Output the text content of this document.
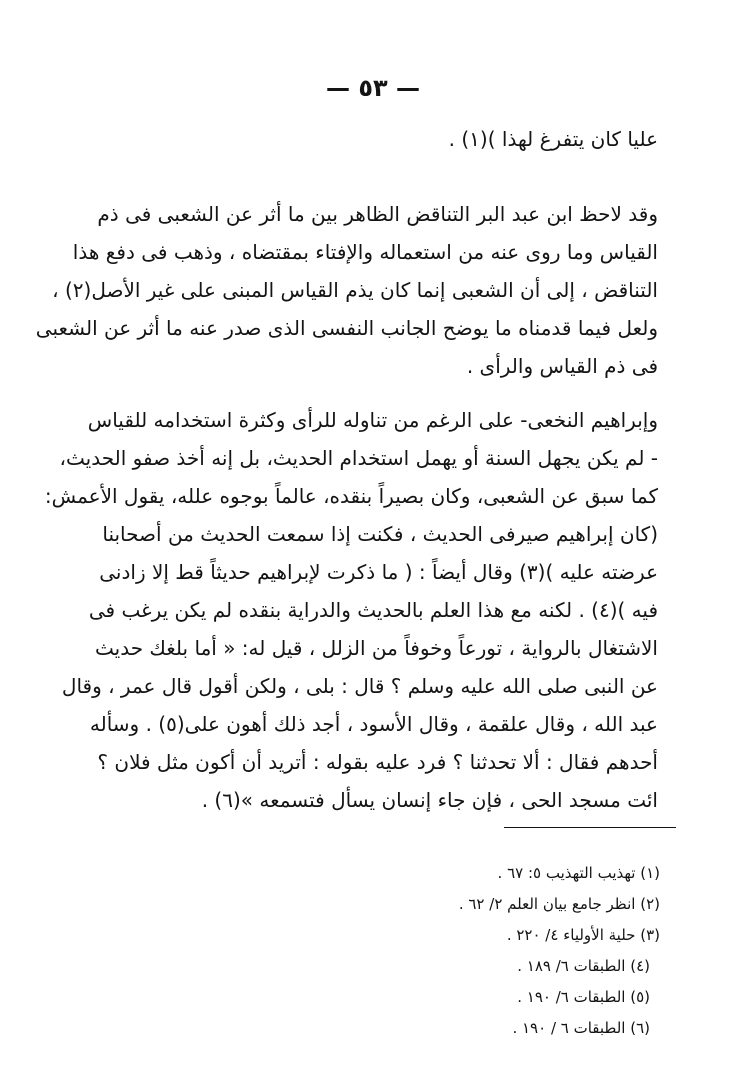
— ٥٣ —
عليا كان يتفرغ لهذا )(١) .
وقد لاحظ ابن عبد البر التناقض الظاهر بين ما أثر عن الشعبى فى ذم
القياس وما روى عنه من استعماله والإفتاء بمقتضاه ، وذهب فى دفع هذا
التناقض ، إلى أن الشعبى إنما كان يذم القياس المبنى على غير الأصل(٢) ،
ولعل فيما قدمناه ما يوضح الجانب النفسى الذى صدر عنه ما أثر عن الشعبى
فى ذم القياس والرأى .
وإبراهيم النخعى- على الرغم من تناوله للرأى وكثرة استخدامه للقياس
- لم يكن يجهل السنة أو يهمل استخدام الحديث، بل إنه أخذ صفو الحديث،
كما سبق عن الشعبى، وكان بصيراً بنقده، عالماً بوجوه علله، يقول الأعمش:
(كان إبراهيم صيرفى الحديث ، فكنت إذا سمعت الحديث من أصحابنا
عرضته عليه )(٣) وقال أيضاً : ( ما ذكرت لإبراهيم حديثاً قط إلا زادنى
فيه )(٤) . لكنه مع هذا العلم بالحديث والدراية بنقده لم يكن يرغب فى
الاشتغال بالرواية ، تورعاً وخوفاً من الزلل ، قيل له: « أما بلغك حديث
عن النبى صلى الله عليه وسلم ؟ قال : بلى ، ولكن أقول قال عمر ، وقال
عبد الله ، وقال علقمة ، وقال الأسود ، أجد ذلك أهون على(٥) . وسأله
أحدهم فقال : ألا تحدثنا ؟ فرد عليه بقوله : أتريد أن أكون مثل فلان ؟
ائت مسجد الحى ، فإن جاء إنسان يسأل فتسمعه »(٦) .
(١) تهذيب التهذيب ٥: ٦٧ .
(٢) انظر جامع بيان العلم ٢/ ٦٢ .
(٣) حلية الأولياء ٤/ ٢٢٠ .
(٤) الطبقات ٦/ ١٨٩ .
(٥) الطبقات ٦/ ١٩٠ .
(٦) الطبقات ٦ / ١٩٠ .
